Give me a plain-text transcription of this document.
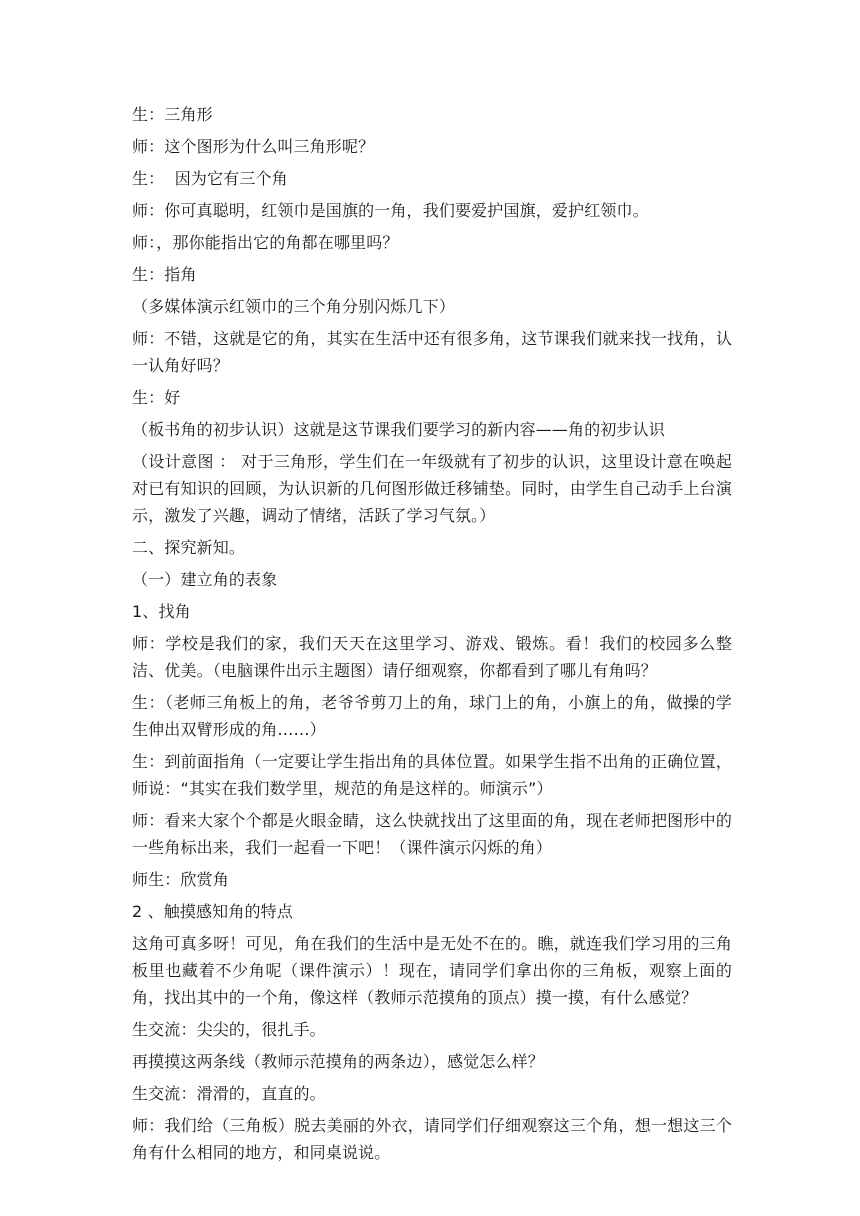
生：三角形

师：这个图形为什么叫三角形呢？

生：  因为它有三个角

师：你可真聪明，红领巾是国旗的一角，我们要爱护国旗，爱护红领巾。

师：，那你能指出它的角都在哪里吗？

生：指角

（多媒体演示红领巾的三个角分别闪烁几下）

师：不错，这就是它的角，其实在生活中还有很多角，这节课我们就来找一找角，认一认角好吗？

生：好

（板书角的初步认识）这就是这节课我们要学习的新内容——角的初步认识

（设计意图 ： 对于三角形，学生们在一年级就有了初步的认识，这里设计意在唤起对已有知识的回顾，为认识新的几何图形做迁移铺垫。同时，由学生自己动手上台演示，激发了兴趣，调动了情绪，活跃了学习气氛。）

二、探究新知。

（一）建立角的表象

1、找角

师：学校是我们的家，我们天天在这里学习、游戏、锻炼。看！我们的校园多么整洁、优美。（电脑课件出示主题图）请仔细观察，你都看到了哪儿有角吗？

生：（老师三角板上的角，老爷爷剪刀上的角，球门上的角，小旗上的角，做操的学生伸出双臂形成的角……）

生：到前面指角（一定要让学生指出角的具体位置。如果学生指不出角的正确位置，师说：“其实在我们数学里，规范的角是这样的。师演示”）

师：看来大家个个都是火眼金睛，这么快就找出了这里面的角，现在老师把图形中的一些角标出来，我们一起看一下吧！（课件演示闪烁的角）

师生：欣赏角

2 、触摸感知角的特点

这角可真多呀！可见，角在我们的生活中是无处不在的。瞧，就连我们学习用的三角板里也藏着不少角呢（课件演示）！现在，请同学们拿出你的三角板，观察上面的角，找出其中的一个角，像这样（教师示范摸角的顶点）摸一摸，有什么感觉？

生交流：尖尖的，很扎手。

再摸摸这两条线（教师示范摸角的两条边），感觉怎么样？

生交流：滑滑的，直直的。

师：我们给（三角板）脱去美丽的外衣，请同学们仔细观察这三个角，想一想这三个角有什么相同的地方，和同桌说说。
